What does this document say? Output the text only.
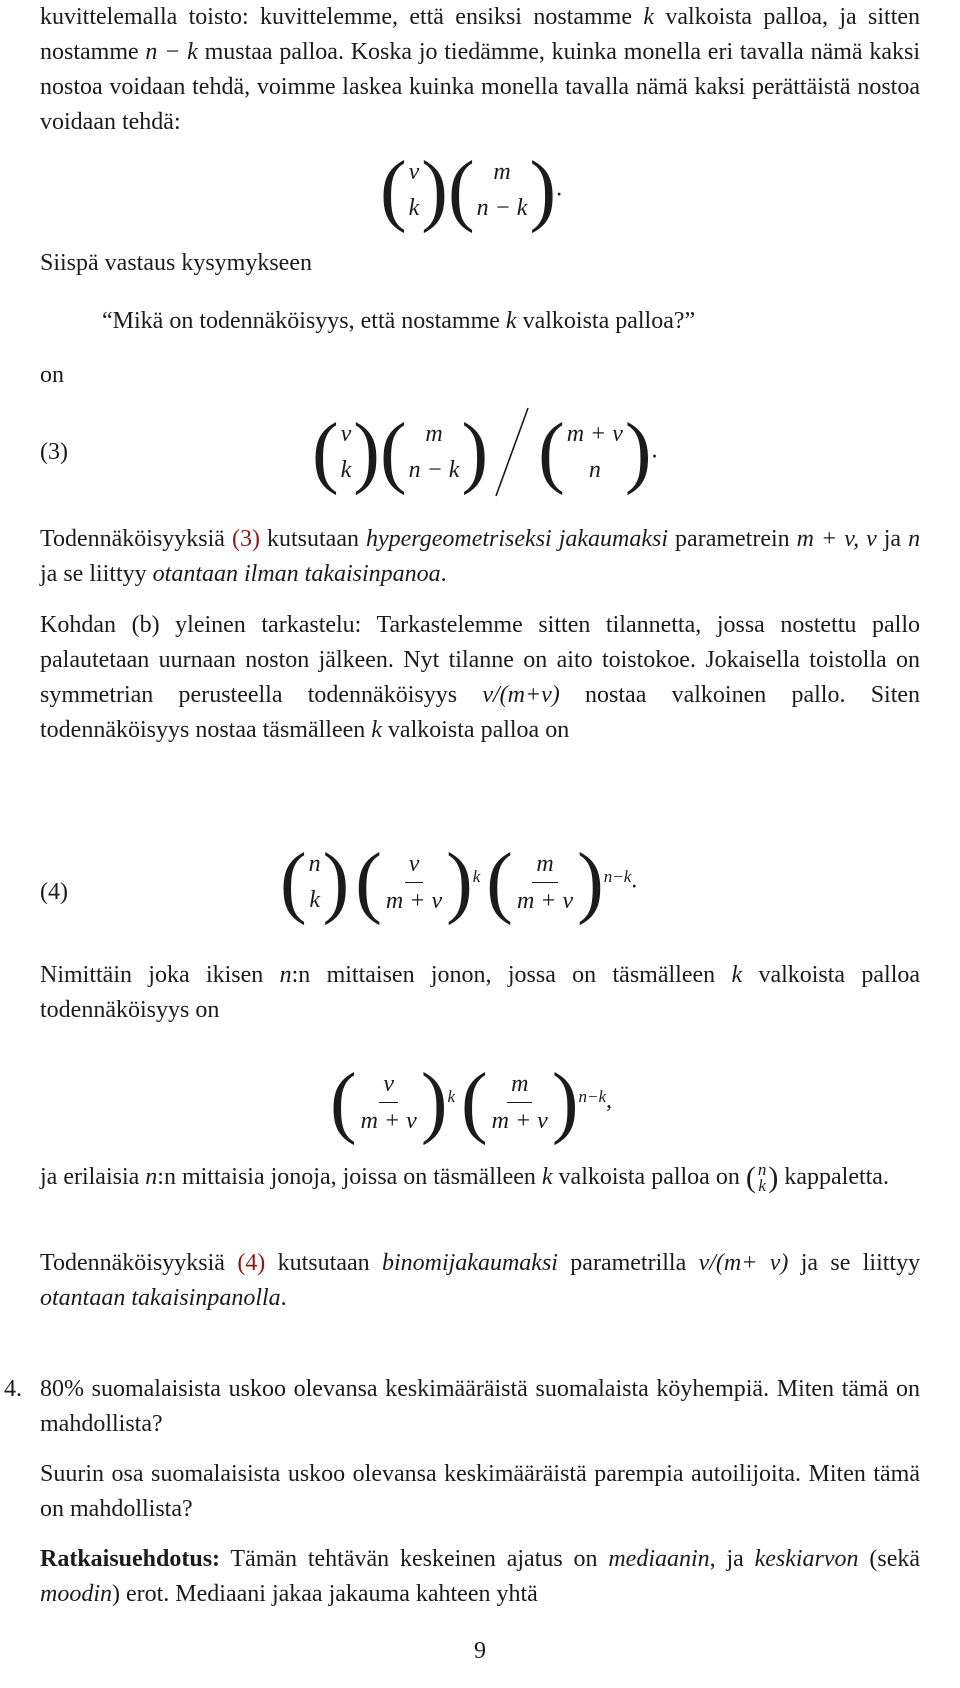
kuvittelemalla toisto: kuvittelemme, että ensiksi nostamme k valkoista palloa, ja sitten nostamme n − k mustaa palloa. Koska jo tiedämme, kuinka monella eri tavalla nämä kaksi nostoa voidaan tehdä, voimme laskea kuinka monella tavalla nämä kaksi perättäistä nostoa voidaan tehdä:

( v
k ) ( m
n − k ) .

Siispä vastaus kysymykseen

“Mikä on todennäköisyys, että nostamme k valkoista palloa?”

on

(3)	( v
k ) ( m
n − k ) ( m + v
n ) .

Todennäköisyyksiä (3) kutsutaan hypergeometriseksi jakaumaksi parametrein m + v, v ja n ja se liittyy otantaan ilman takaisinpanoa.

Kohdan (b) yleinen tarkastelu: Tarkastelemme sitten tilannetta, jossa nostettu pallo palautetaan uurnaan noston jälkeen. Nyt tilanne on aito toistokoe. Jokaisella toistolla on symmetrian perusteella todennäköisyys v/(m+v) nostaa valkoinen pallo. Siten todennäköisyys nostaa täsmälleen k valkoista palloa on

(4)	( n
k )
( $\frac{v}{m + v} )^k$
( $\frac{m}{m + v} )^{n-k}$ .

Nimittäin joka ikisen n:n mittaisen jonon, jossa on täsmälleen k valkoista palloa todennäköisyys on

( $\frac{v}{m + v} )^k$
( $\frac{m}{m + v} )^{n-k}$ ,

ja erilaisia n:n mittaisia jonoja, joissa on täsmälleen k valkoista palloa on ( n
k ) kappaletta.

Todennäköisyyksiä (4) kutsutaan binomijakaumaksi parametrilla v/(m+ v) ja se liittyy otantaan takaisinpanolla.

4. 80% suomalaisista uskoo olevansa keskimääräistä suomalaista köyhempiä. Miten tämä on mahdollista?

Suurin osa suomalaisista uskoo olevansa keskimääräistä parempia autoilijoita. Miten tämä on mahdollista?

Ratkaisuehdotus: Tämän tehtävän keskeinen ajatus on mediaanin, ja keskiarvon (sekä moodin) erot. Mediaani jakaa jakauma kahteen yhtä

9
